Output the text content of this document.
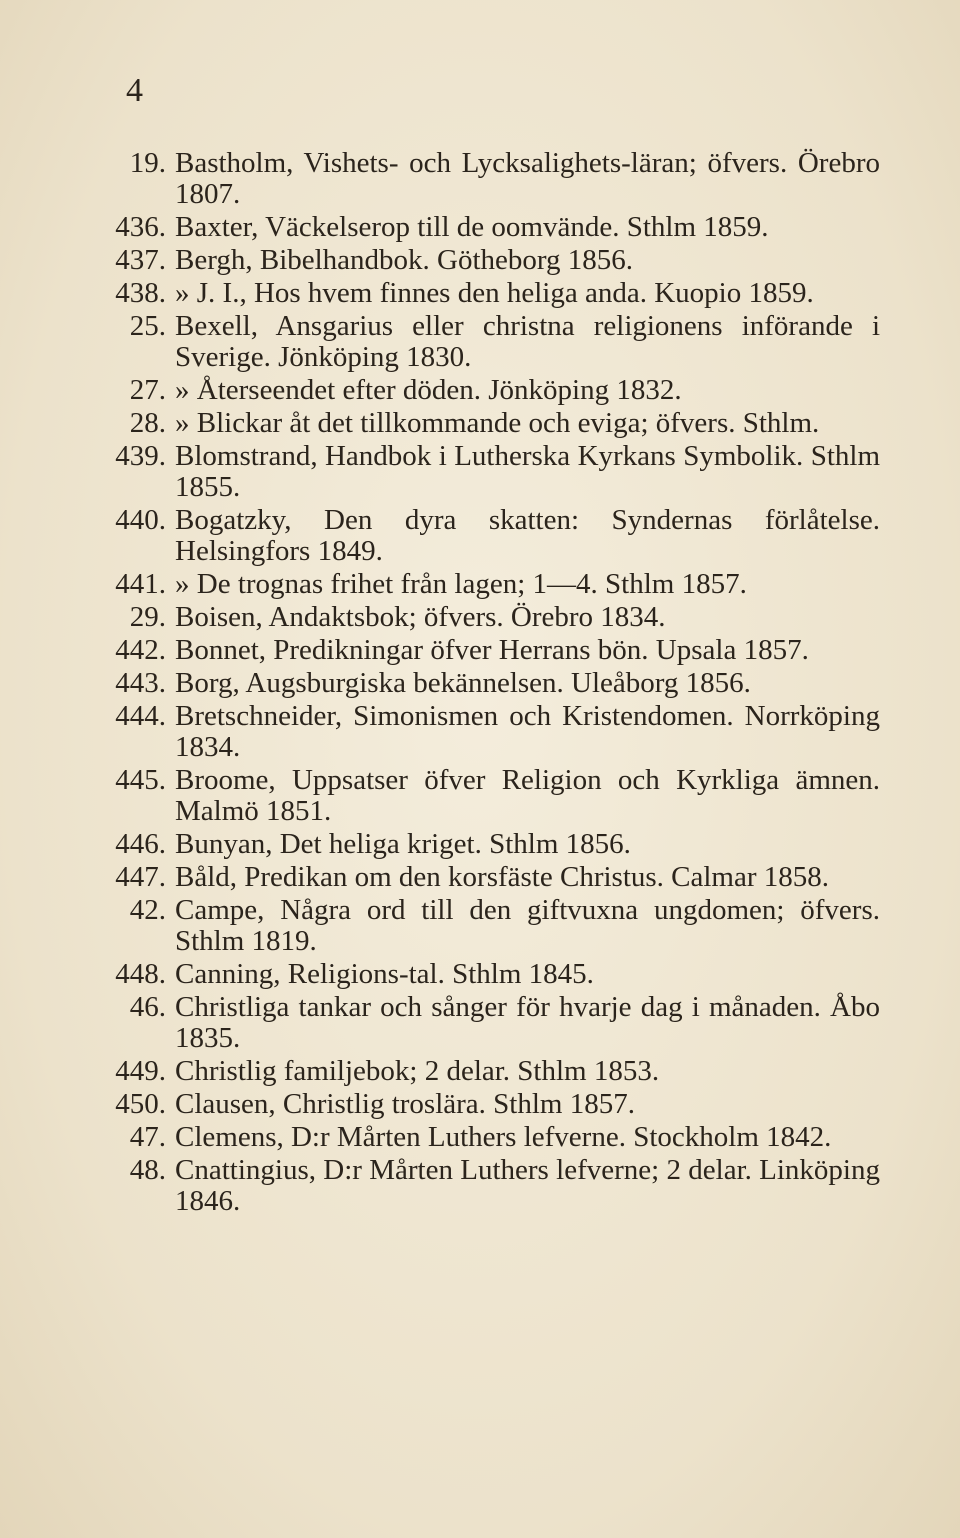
4
19. Bastholm, Vishets- och Lycksalighets-läran; öfvers. Örebro 1807.
436. Baxter, Väckelserop till de oomvände. Sthlm 1859.
437. Bergh, Bibelhandbok. Götheborg 1856.
438. » J. I., Hos hvem finnes den heliga anda. Kuopio 1859.
25. Bexell, Ansgarius eller christna religionens införande i Sverige. Jönköping 1830.
27. » Återseendet efter döden. Jönköping 1832.
28. » Blickar åt det tillkommande och eviga; öfvers. Sthlm.
439. Blomstrand, Handbok i Lutherska Kyrkans Symbolik. Sthlm 1855.
440. Bogatzky, Den dyra skatten: Syndernas förlåtelse. Helsingfors 1849.
441. » De trognas frihet från lagen; 1—4. Sthlm 1857.
29. Boisen, Andaktsbok; öfvers. Örebro 1834.
442. Bonnet, Predikningar öfver Herrans bön. Upsala 1857.
443. Borg, Augsburgiska bekännelsen. Uleåborg 1856.
444. Bretschneider, Simonismen och Kristendomen. Norrköping 1834.
445. Broome, Uppsatser öfver Religion och Kyrkliga ämnen. Malmö 1851.
446. Bunyan, Det heliga kriget. Sthlm 1856.
447. Båld, Predikan om den korsfäste Christus. Calmar 1858.
42. Campe, Några ord till den giftvuxna ungdomen; öfvers. Sthlm 1819.
448. Canning, Religions-tal. Sthlm 1845.
46. Christliga tankar och sånger för hvarje dag i månaden. Åbo 1835.
449. Christlig familjebok; 2 delar. Sthlm 1853.
450. Clausen, Christlig troslära. Sthlm 1857.
47. Clemens, D:r Mårten Luthers lefverne. Stockholm 1842.
48. Cnattingius, D:r Mårten Luthers lefverne; 2 delar. Linköping 1846.
